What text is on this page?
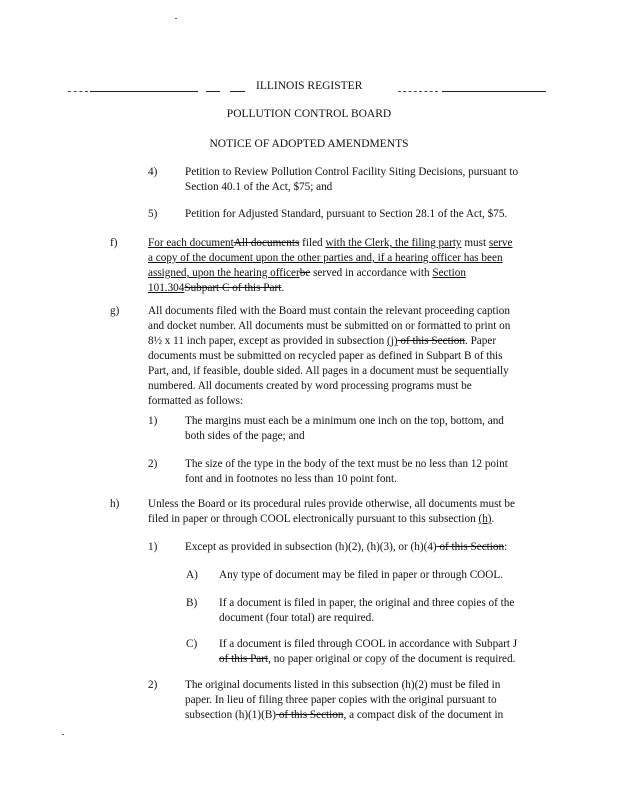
ILLINOIS REGISTER
POLLUTION CONTROL BOARD
NOTICE OF ADOPTED AMENDMENTS
4) Petition to Review Pollution Control Facility Siting Decisions, pursuant to
Section 40.1 of the Act, $75; and
5) Petition for Adjusted Standard, pursuant to Section 28.1 of the Act, $75.
f)	For each documentAll documents filed with the Clerk, the filing party must serve
a copy of the document upon the other parties and, if a hearing officer has been
assigned, upon the hearing officerbe served in accordance with Section
101.304Subpart C of this Part.
g)	All documents filed with the Board must contain the relevant proceeding caption
and docket number. All documents must be submitted on or formatted to print on
8½ x 11 inch paper, except as provided in subsection (j) of this Section. Paper
documents must be submitted on recycled paper as defined in Subpart B of this
Part, and, if feasible, double sided. All pages in a document must be sequentially
numbered. All documents created by word processing programs must be
formatted as follows:
1) The margins must each be a minimum one inch on the top, bottom, and
both sides of the page; and
2) The size of the type in the body of the text must be no less than 12 point
font and in footnotes no less than 10 point font.
h)	Unless the Board or its procedural rules provide otherwise, all documents must be
filed in paper or through COOL electronically pursuant to this subsection (h).
1) Except as provided in subsection (h)(2), (h)(3), or (h)(4) of this Section:
A) Any type of document may be filed in paper or through COOL.
B) If a document is filed in paper, the original and three copies of the
document (four total) are required.
C) If a document is filed through COOL in accordance with Subpart J
of this Part, no paper original or copy of the document is required.
2) The original documents listed in this subsection (h)(2) must be filed in
paper. In lieu of filing three paper copies with the original pursuant to
subsection (h)(1)(B) of this Section, a compact disk of the document in
